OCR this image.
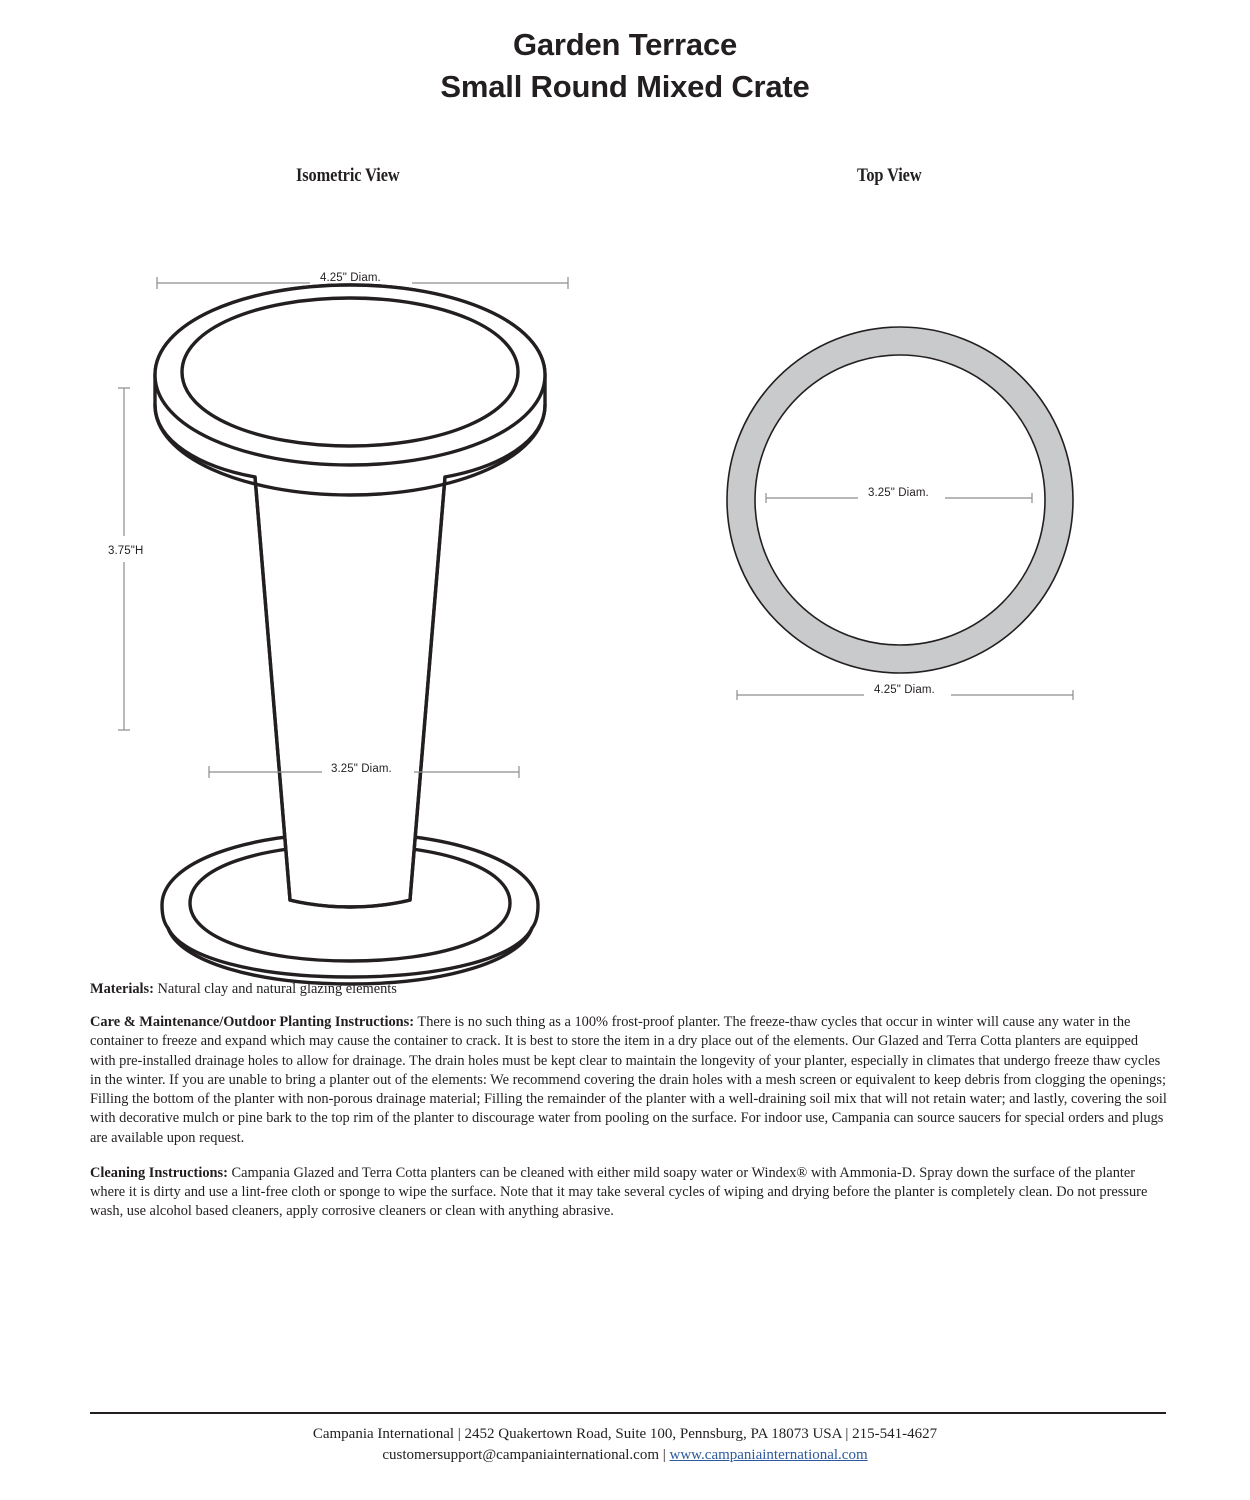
Garden Terrace
Small Round Mixed Crate
Isometric View	Top View
4.25" Diam.
3.25" Diam.
3.75"H
3.25" Diam.
4.25" Diam.

Materials: Natural clay and natural glazing elements

Care & Maintenance/Outdoor Planting Instructions: There is no such thing as a 100% frost-proof planter. The freeze-thaw cycles that occur in winter will cause any water in the container to freeze and expand which may cause the container to crack. It is best to store the item in a dry place out of the elements. Our Glazed and Terra Cotta planters are equipped with pre-installed drainage holes to allow for drainage. The drain holes must be kept clear to maintain the longevity of your planter, especially in climates that undergo freeze thaw cycles in the winter. If you are unable to bring a planter out of the elements: We recommend covering the drain holes with a mesh screen or equivalent to keep debris from clogging the openings; Filling the bottom of the planter with non-porous drainage material; Filling the remainder of the planter with a well-draining soil mix that will not retain water; and lastly, covering the soil with decorative mulch or pine bark to the top rim of the planter to discourage water from pooling on the surface. For indoor use, Campania can source saucers for special orders and plugs are available upon request.

Cleaning Instructions: Campania Glazed and Terra Cotta planters can be cleaned with either mild soapy water or Windex® with Ammonia-D. Spray down the surface of the planter where it is dirty and use a lint-free cloth or sponge to wipe the surface. Note that it may take several cycles of wiping and drying before the planter is completely clean. Do not pressure wash, use alcohol based cleaners, apply corrosive cleaners or clean with anything abrasive.

Campania International | 2452 Quakertown Road, Suite 100, Pennsburg, PA 18073 USA | 215-541-4627
customersupport@campaniainternational.com | www.campaniainternational.com
